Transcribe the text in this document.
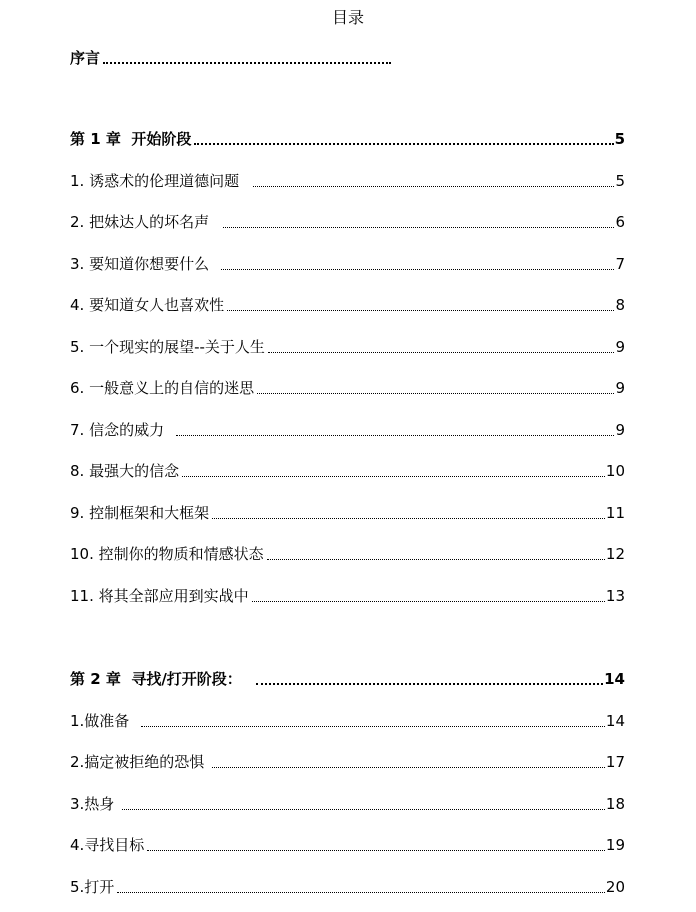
目录
序言
第 1 章  开始阶段	5
1. 诱惑术的伦理道德问题	5
2. 把妹达人的坏名声	6
3. 要知道你想要什么	7
4. 要知道女人也喜欢性	8
5. 一个现实的展望--关于人生	9
6. 一般意义上的自信的迷思	9
7. 信念的威力	9
8. 最强大的信念	10
9. 控制框架和大框架	11
10. 控制你的物质和情感状态	12
11. 将其全部应用到实战中	13
第 2 章  寻找/打开阶段：	14
1.做准备	14
2.搞定被拒绝的恐惧	17
3.热身	18
4.寻找目标	19
5.打开	20
